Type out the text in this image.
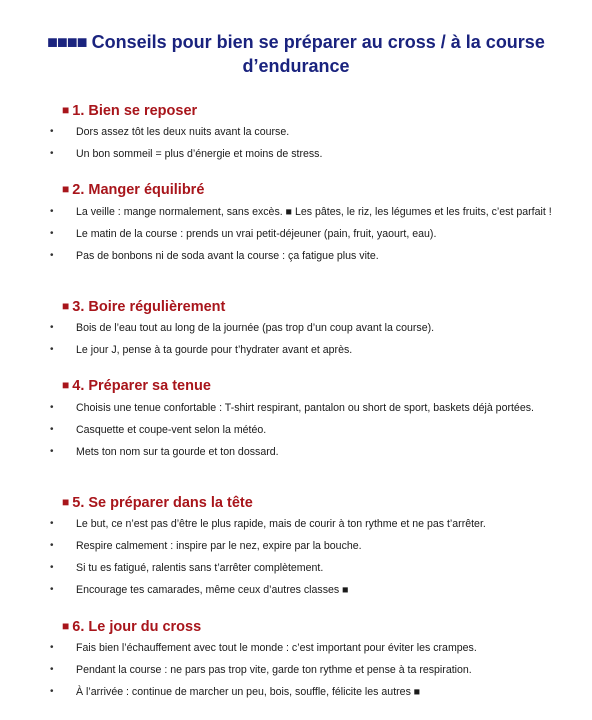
■■■■ Conseils pour bien se préparer au cross / à la course d’endurance
■ 1. Bien se reposer
• Dors assez tôt les deux nuits avant la course.
• Un bon sommeil = plus d’énergie et moins de stress.
■ 2. Manger équilibré
• La veille : mange normalement, sans excès. ■ Les pâtes, le riz, les légumes et les fruits, c’est parfait !
• Le matin de la course : prends un vrai petit-déjeuner (pain, fruit, yaourt, eau).
• Pas de bonbons ni de soda avant la course : ça fatigue plus vite.
■ 3. Boire régulièrement
• Bois de l’eau tout au long de la journée (pas trop d’un coup avant la course).
• Le jour J, pense à ta gourde pour t’hydrater avant et après.
■ 4. Préparer sa tenue
• Choisis une tenue confortable : T-shirt respirant, pantalon ou short de sport, baskets déjà portées.
• Casquette et coupe-vent selon la météo.
• Mets ton nom sur ta gourde et ton dossard.
■ 5. Se préparer dans la tête
• Le but, ce n’est pas d’être le plus rapide, mais de courir à ton rythme et ne pas t’arrêter.
• Respire calmement : inspire par le nez, expire par la bouche.
• Si tu es fatigué, ralentis sans t’arrêter complètement.
• Encourage tes camarades, même ceux d’autres classes ■
■ 6. Le jour du cross
• Fais bien l’échauffement avec tout le monde : c’est important pour éviter les crampes.
• Pendant la course : ne pars pas trop vite, garde ton rythme et pense à ta respiration.
• À l’arrivée : continue de marcher un peu, bois, souffle, félicite les autres ■
